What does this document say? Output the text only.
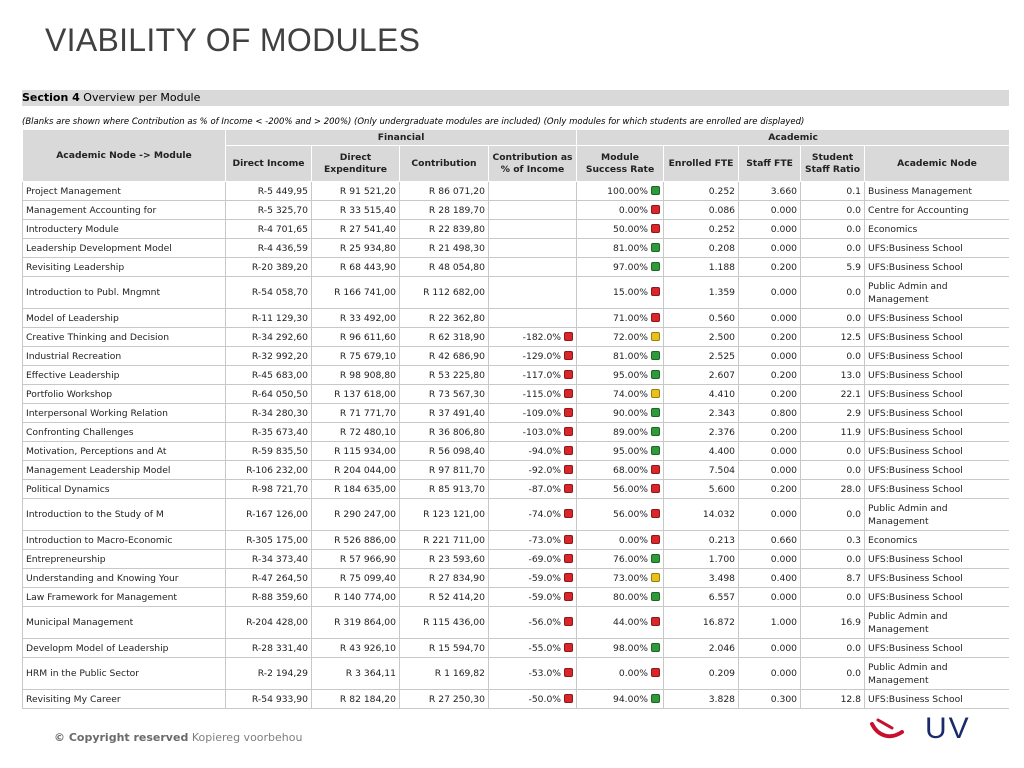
VIABILITY OF MODULES
Section 4 Overview per Module
(Blanks are shown where Contribution as % of Income < -200% and > 200%) (Only undergraduate modules are included) (Only modules for which students are enrolled are displayed)
Academic Node -> Module	Financial				Academic				
	Direct Income	Direct Expenditure	Contribution	Contribution as % of Income	Module Success Rate	Enrolled FTE	Staff FTE	Student Staff Ratio	Academic Node
Project Management	R-5 449,95	R 91 521,20	R 86 071,20		100.00%	0.252	3.660	0.1	Business Management
Management Accounting for	R-5 325,70	R 33 515,40	R 28 189,70		0.00%	0.086	0.000	0.0	Centre for Accounting
Introductery Module	R-4 701,65	R 27 541,40	R 22 839,80		50.00%	0.252	0.000	0.0	Economics
Leadership Development Model	R-4 436,59	R 25 934,80	R 21 498,30		81.00%	0.208	0.000	0.0	UFS:Business School
Revisiting Leadership	R-20 389,20	R 68 443,90	R 48 054,80		97.00%	1.188	0.200	5.9	UFS:Business School
Introduction to Publ. Mngmnt	R-54 058,70	R 166 741,00	R 112 682,00		15.00%	1.359	0.000	0.0	Public Admin and Management
Model of Leadership	R-11 129,30	R 33 492,00	R 22 362,80		71.00%	0.560	0.000	0.0	UFS:Business School
Creative Thinking and Decision	R-34 292,60	R 96 611,60	R 62 318,90	-182.0%	72.00%	2.500	0.200	12.5	UFS:Business School
Industrial Recreation	R-32 992,20	R 75 679,10	R 42 686,90	-129.0%	81.00%	2.525	0.000	0.0	UFS:Business School
Effective Leadership	R-45 683,00	R 98 908,80	R 53 225,80	-117.0%	95.00%	2.607	0.200	13.0	UFS:Business School
Portfolio Workshop	R-64 050,50	R 137 618,00	R 73 567,30	-115.0%	74.00%	4.410	0.200	22.1	UFS:Business School
Interpersonal Working Relation	R-34 280,30	R 71 771,70	R 37 491,40	-109.0%	90.00%	2.343	0.800	2.9	UFS:Business School
Confronting Challenges	R-35 673,40	R 72 480,10	R 36 806,80	-103.0%	89.00%	2.376	0.200	11.9	UFS:Business School
Motivation, Perceptions and At	R-59 835,50	R 115 934,00	R 56 098,40	-94.0%	95.00%	4.400	0.000	0.0	UFS:Business School
Management Leadership Model	R-106 232,00	R 204 044,00	R 97 811,70	-92.0%	68.00%	7.504	0.000	0.0	UFS:Business School
Political Dynamics	R-98 721,70	R 184 635,00	R 85 913,70	-87.0%	56.00%	5.600	0.200	28.0	UFS:Business School
Introduction to the Study of M	R-167 126,00	R 290 247,00	R 123 121,00	-74.0%	56.00%	14.032	0.000	0.0	Public Admin and Management
Introduction to Macro-Economic	R-305 175,00	R 526 886,00	R 221 711,00	-73.0%	0.00%	0.213	0.660	0.3	Economics
Entrepreneurship	R-34 373,40	R 57 966,90	R 23 593,60	-69.0%	76.00%	1.700	0.000	0.0	UFS:Business School
Understanding and Knowing Your	R-47 264,50	R 75 099,40	R 27 834,90	-59.0%	73.00%	3.498	0.400	8.7	UFS:Business School
Law Framework for Management	R-88 359,60	R 140 774,00	R 52 414,20	-59.0%	80.00%	6.557	0.000	0.0	UFS:Business School
Municipal Management	R-204 428,00	R 319 864,00	R 115 436,00	-56.0%	44.00%	16.872	1.000	16.9	Public Admin and Management
Developm Model of Leadership	R-28 331,40	R 43 926,10	R 15 594,70	-55.0%	98.00%	2.046	0.000	0.0	UFS:Business School
HRM in the Public Sector	R-2 194,29	R 3 364,11	R 1 169,82	-53.0%	0.00%	0.209	0.000	0.0	Public Admin and Management
Revisiting My Career	R-54 933,90	R 82 184,20	R 27 250,30	-50.0%	94.00%	3.828	0.300	12.8	UFS:Business School
© Copyright reserved Kopiereg voorbehou	UV
